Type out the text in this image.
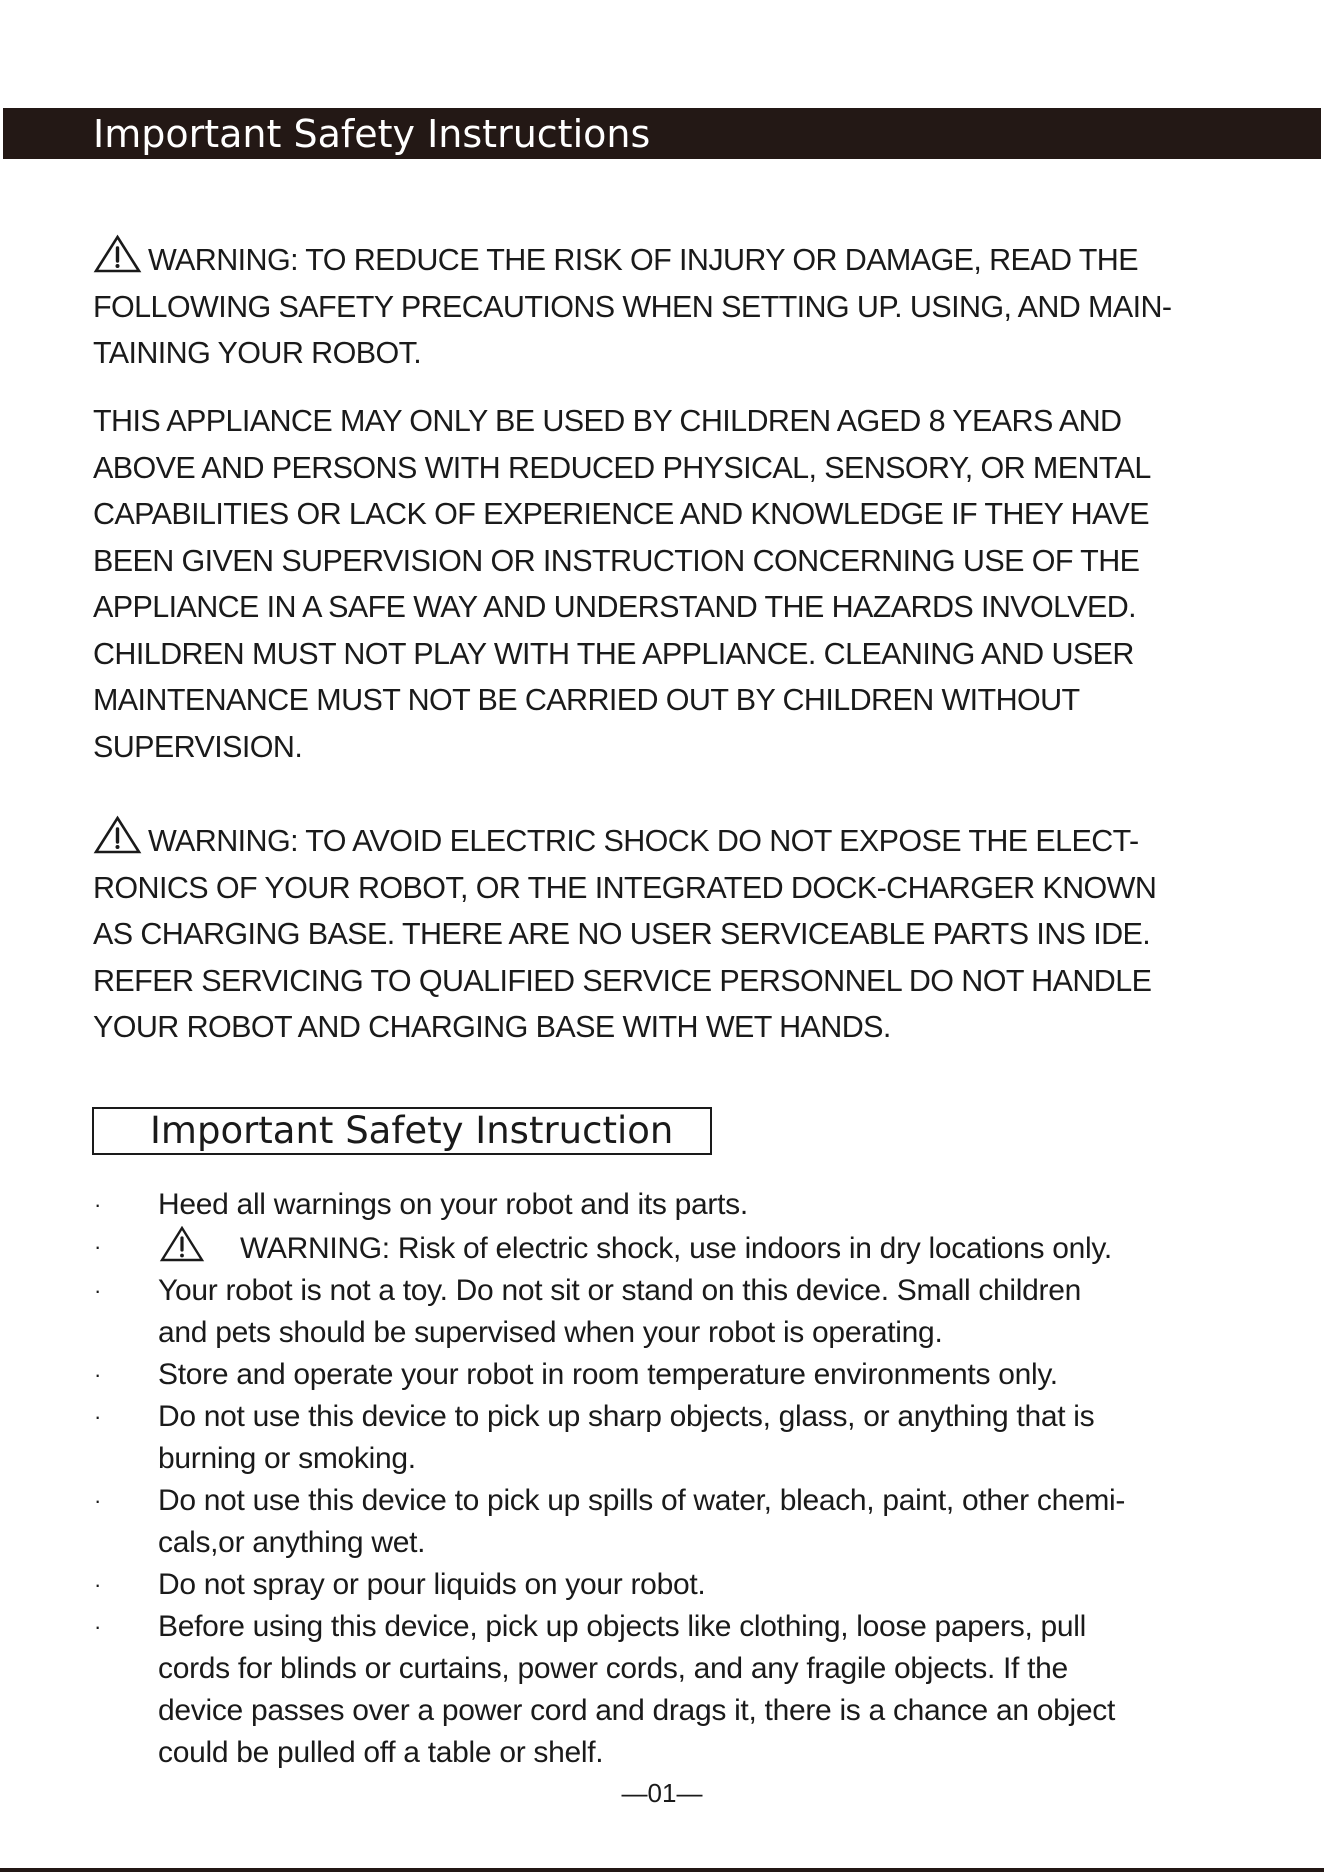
Important Safety Instructions

WARNING: TO REDUCE THE RISK OF INJURY OR DAMAGE, READ THE
FOLLOWING SAFETY PRECAUTIONS WHEN SETTING UP. USING, AND MAIN-
TAINING YOUR ROBOT.

THIS APPLIANCE MAY ONLY BE USED BY CHILDREN AGED 8 YEARS AND
ABOVE AND PERSONS WITH REDUCED PHYSICAL, SENSORY, OR MENTAL
CAPABILITIES OR LACK OF EXPERIENCE AND KNOWLEDGE IF THEY HAVE
BEEN GIVEN SUPERVISION OR INSTRUCTION CONCERNING USE OF THE
APPLIANCE IN A SAFE WAY AND UNDERSTAND THE HAZARDS INVOLVED.
CHILDREN MUST NOT PLAY WITH THE APPLIANCE. CLEANING AND USER
MAINTENANCE MUST NOT BE CARRIED OUT BY CHILDREN WITHOUT
SUPERVISION.

WARNING: TO AVOID ELECTRIC SHOCK DO NOT EXPOSE THE ELECT-
RONICS OF YOUR ROBOT, OR THE INTEGRATED DOCK-CHARGER KNOWN
AS CHARGING BASE. THERE ARE NO USER SERVICEABLE PARTS INS IDE.
REFER SERVICING TO QUALIFIED SERVICE PERSONNEL DO NOT HANDLE
YOUR ROBOT AND CHARGING BASE WITH WET HANDS.

Important Safety Instruction
· Heed all warnings on your robot and its parts.
·	WARNING: Risk of electric shock, use indoors in dry locations only.
· Your robot is not a toy. Do not sit or stand on this device. Small children
and pets should be supervised when your robot is operating.
· Store and operate your robot in room temperature environments only.
· Do not use this device to pick up sharp objects, glass, or anything that is
burning or smoking.
· Do not use this device to pick up spills of water, bleach, paint, other chemi-
cals,or anything wet.
· Do not spray or pour liquids on your robot.
· Before using this device, pick up objects like clothing, loose papers, pull
cords for blinds or curtains, power cords, and any fragile objects. If the
device passes over a power cord and drags it, there is a chance an object
could be pulled off a table or shelf.
—01—
